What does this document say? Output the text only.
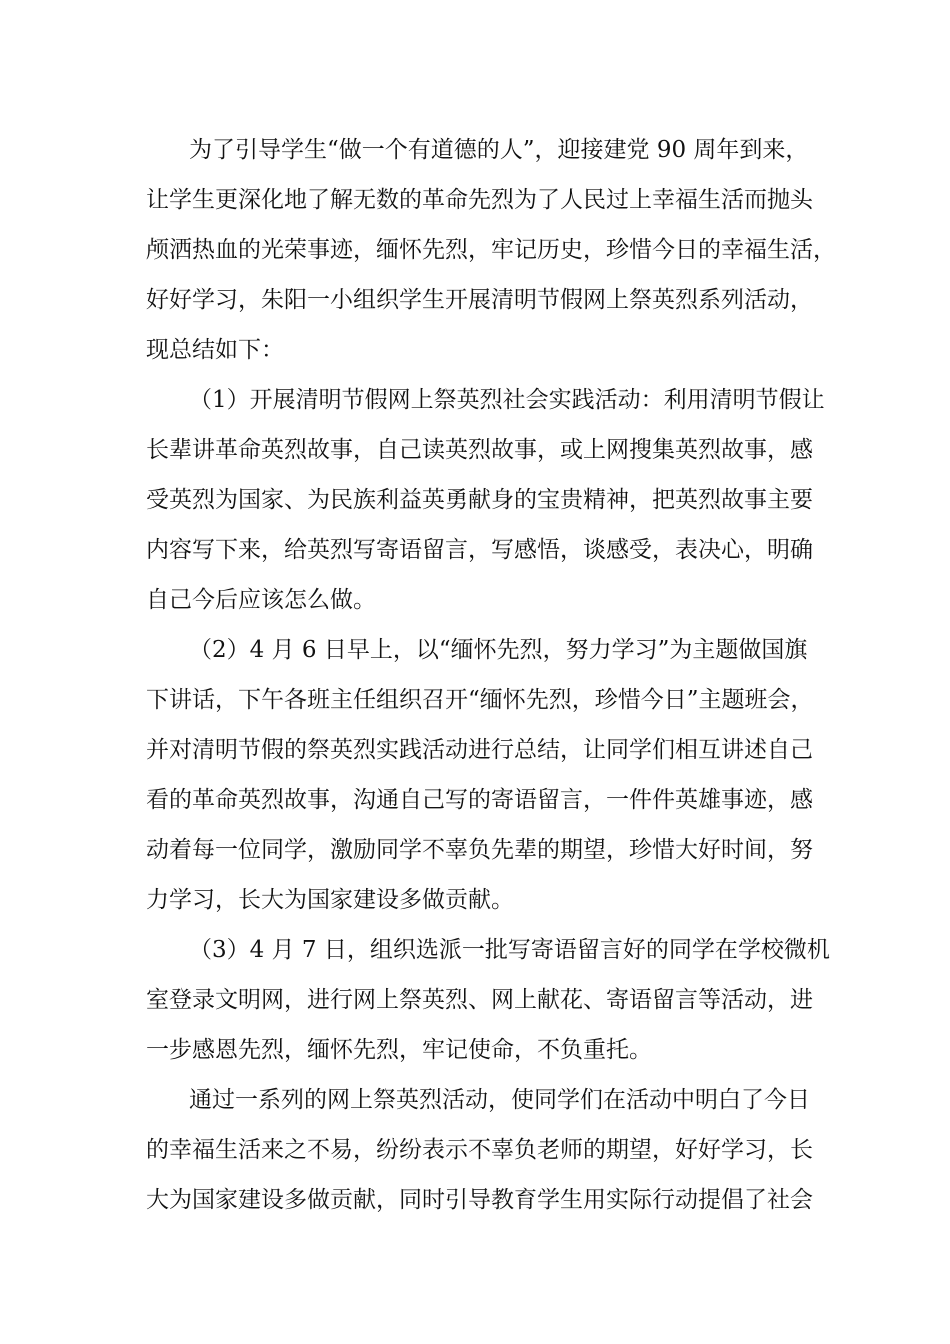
为了引导学生“做一个有道德的人”，迎接建党 90 周年到来，
让学生更深化地了解无数的革命先烈为了人民过上幸福生活而抛头
颅洒热血的光荣事迹，缅怀先烈，牢记历史，珍惜今日的幸福生活，
好好学习，朱阳一小组织学生开展清明节假网上祭英烈系列活动，
现总结如下：
（1）开展清明节假网上祭英烈社会实践活动：利用清明节假让
长辈讲革命英烈故事，自己读英烈故事，或上网搜集英烈故事，感
受英烈为国家、为民族利益英勇献身的宝贵精神，把英烈故事主要
内容写下来，给英烈写寄语留言，写感悟，谈感受，表决心，明确
自己今后应该怎么做。
（2）4 月 6 日早上，以“缅怀先烈，努力学习”为主题做国旗
下讲话，下午各班主任组织召开“缅怀先烈，珍惜今日”主题班会，
并对清明节假的祭英烈实践活动进行总结，让同学们相互讲述自己
看的革命英烈故事，沟通自己写的寄语留言，一件件英雄事迹，感
动着每一位同学，激励同学不辜负先辈的期望，珍惜大好时间，努
力学习，长大为国家建设多做贡献。
（3）4 月 7 日，组织选派一批写寄语留言好的同学在学校微机
室登录文明网，进行网上祭英烈、网上献花、寄语留言等活动，进
一步感恩先烈，缅怀先烈，牢记使命，不负重托。
通过一系列的网上祭英烈活动，使同学们在活动中明白了今日
的幸福生活来之不易，纷纷表示不辜负老师的期望，好好学习，长
大为国家建设多做贡献，同时引导教育学生用实际行动提倡了社会
